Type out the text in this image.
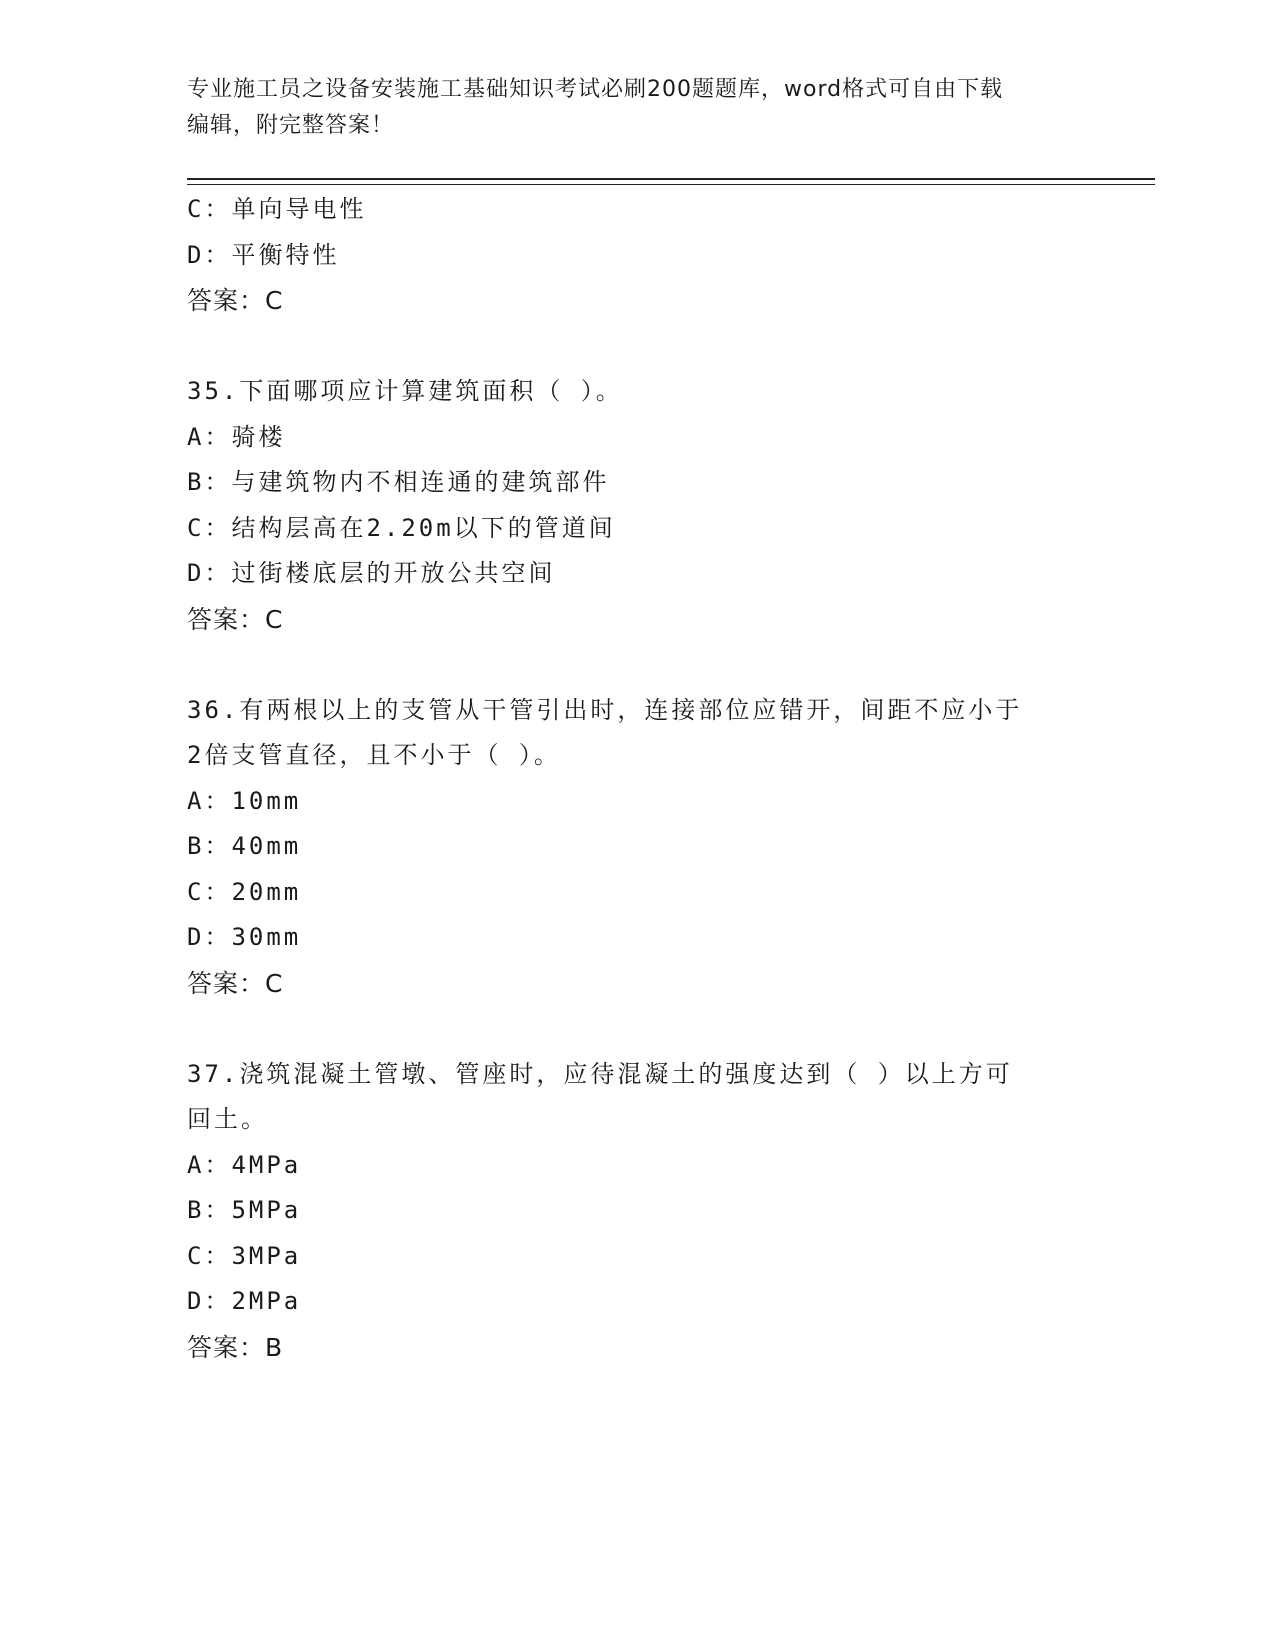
专业施工员之设备安装施工基础知识考试必刷200题题库，word格式可自由下载
编辑，附完整答案！
C：单向导电性
D：平衡特性
答案：C
35.下面哪项应计算建筑面积（ ）。
A：骑楼
B：与建筑物内不相连通的建筑部件
C：结构层高在2.20m以下的管道间
D：过街楼底层的开放公共空间
答案：C
36.有两根以上的支管从干管引出时，连接部位应错开，间距不应小于
2倍支管直径，且不小于（ ）。
A：10mm
B：40mm
C：20mm
D：30mm
答案：C
37.浇筑混凝土管墩、管座时，应待混凝土的强度达到（ ）以上方可
回土。
A：4MPa
B：5MPa
C：3MPa
D：2MPa
答案：B
